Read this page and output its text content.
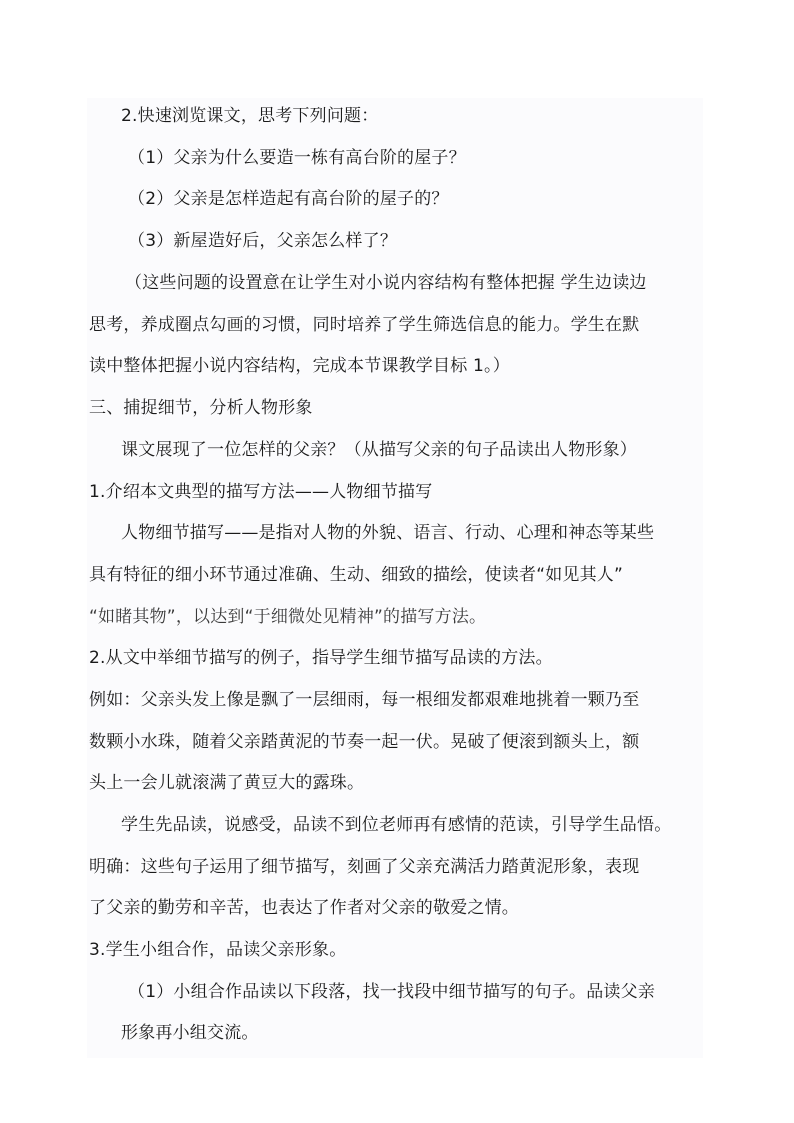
2.快速浏览课文，思考下列问题：
（1）父亲为什么要造一栋有高台阶的屋子？
（2）父亲是怎样造起有高台阶的屋子的？
（3）新屋造好后，父亲怎么样了？
（这些问题的设置意在让学生对小说内容结构有整体把握 学生边读边
思考，养成圈点勾画的习惯，同时培养了学生筛选信息的能力。学生在默
读中整体把握小说内容结构，完成本节课教学目标 1。）
三、捕捉细节，分析人物形象
课文展现了一位怎样的父亲？（从描写父亲的句子品读出人物形象）
1.介绍本文典型的描写方法——人物细节描写
人物细节描写——是指对人物的外貌、语言、行动、心理和神态等某些
具有特征的细小环节通过准确、生动、细致的描绘，使读者“如见其人”
“如睹其物”，以达到“于细微处见精神”的描写方法。
2.从文中举细节描写的例子，指导学生细节描写品读的方法。
例如：父亲头发上像是飘了一层细雨，每一根细发都艰难地挑着一颗乃至
数颗小水珠，随着父亲踏黄泥的节奏一起一伏。晃破了便滚到额头上，额
头上一会儿就滚满了黄豆大的露珠。
学生先品读，说感受，品读不到位老师再有感情的范读，引导学生品悟。
明确：这些句子运用了细节描写，刻画了父亲充满活力踏黄泥形象，表现
了父亲的勤劳和辛苦，也表达了作者对父亲的敬爱之情。
3.学生小组合作，品读父亲形象。
（1）小组合作品读以下段落，找一找段中细节描写的句子。品读父亲
形象再小组交流。
